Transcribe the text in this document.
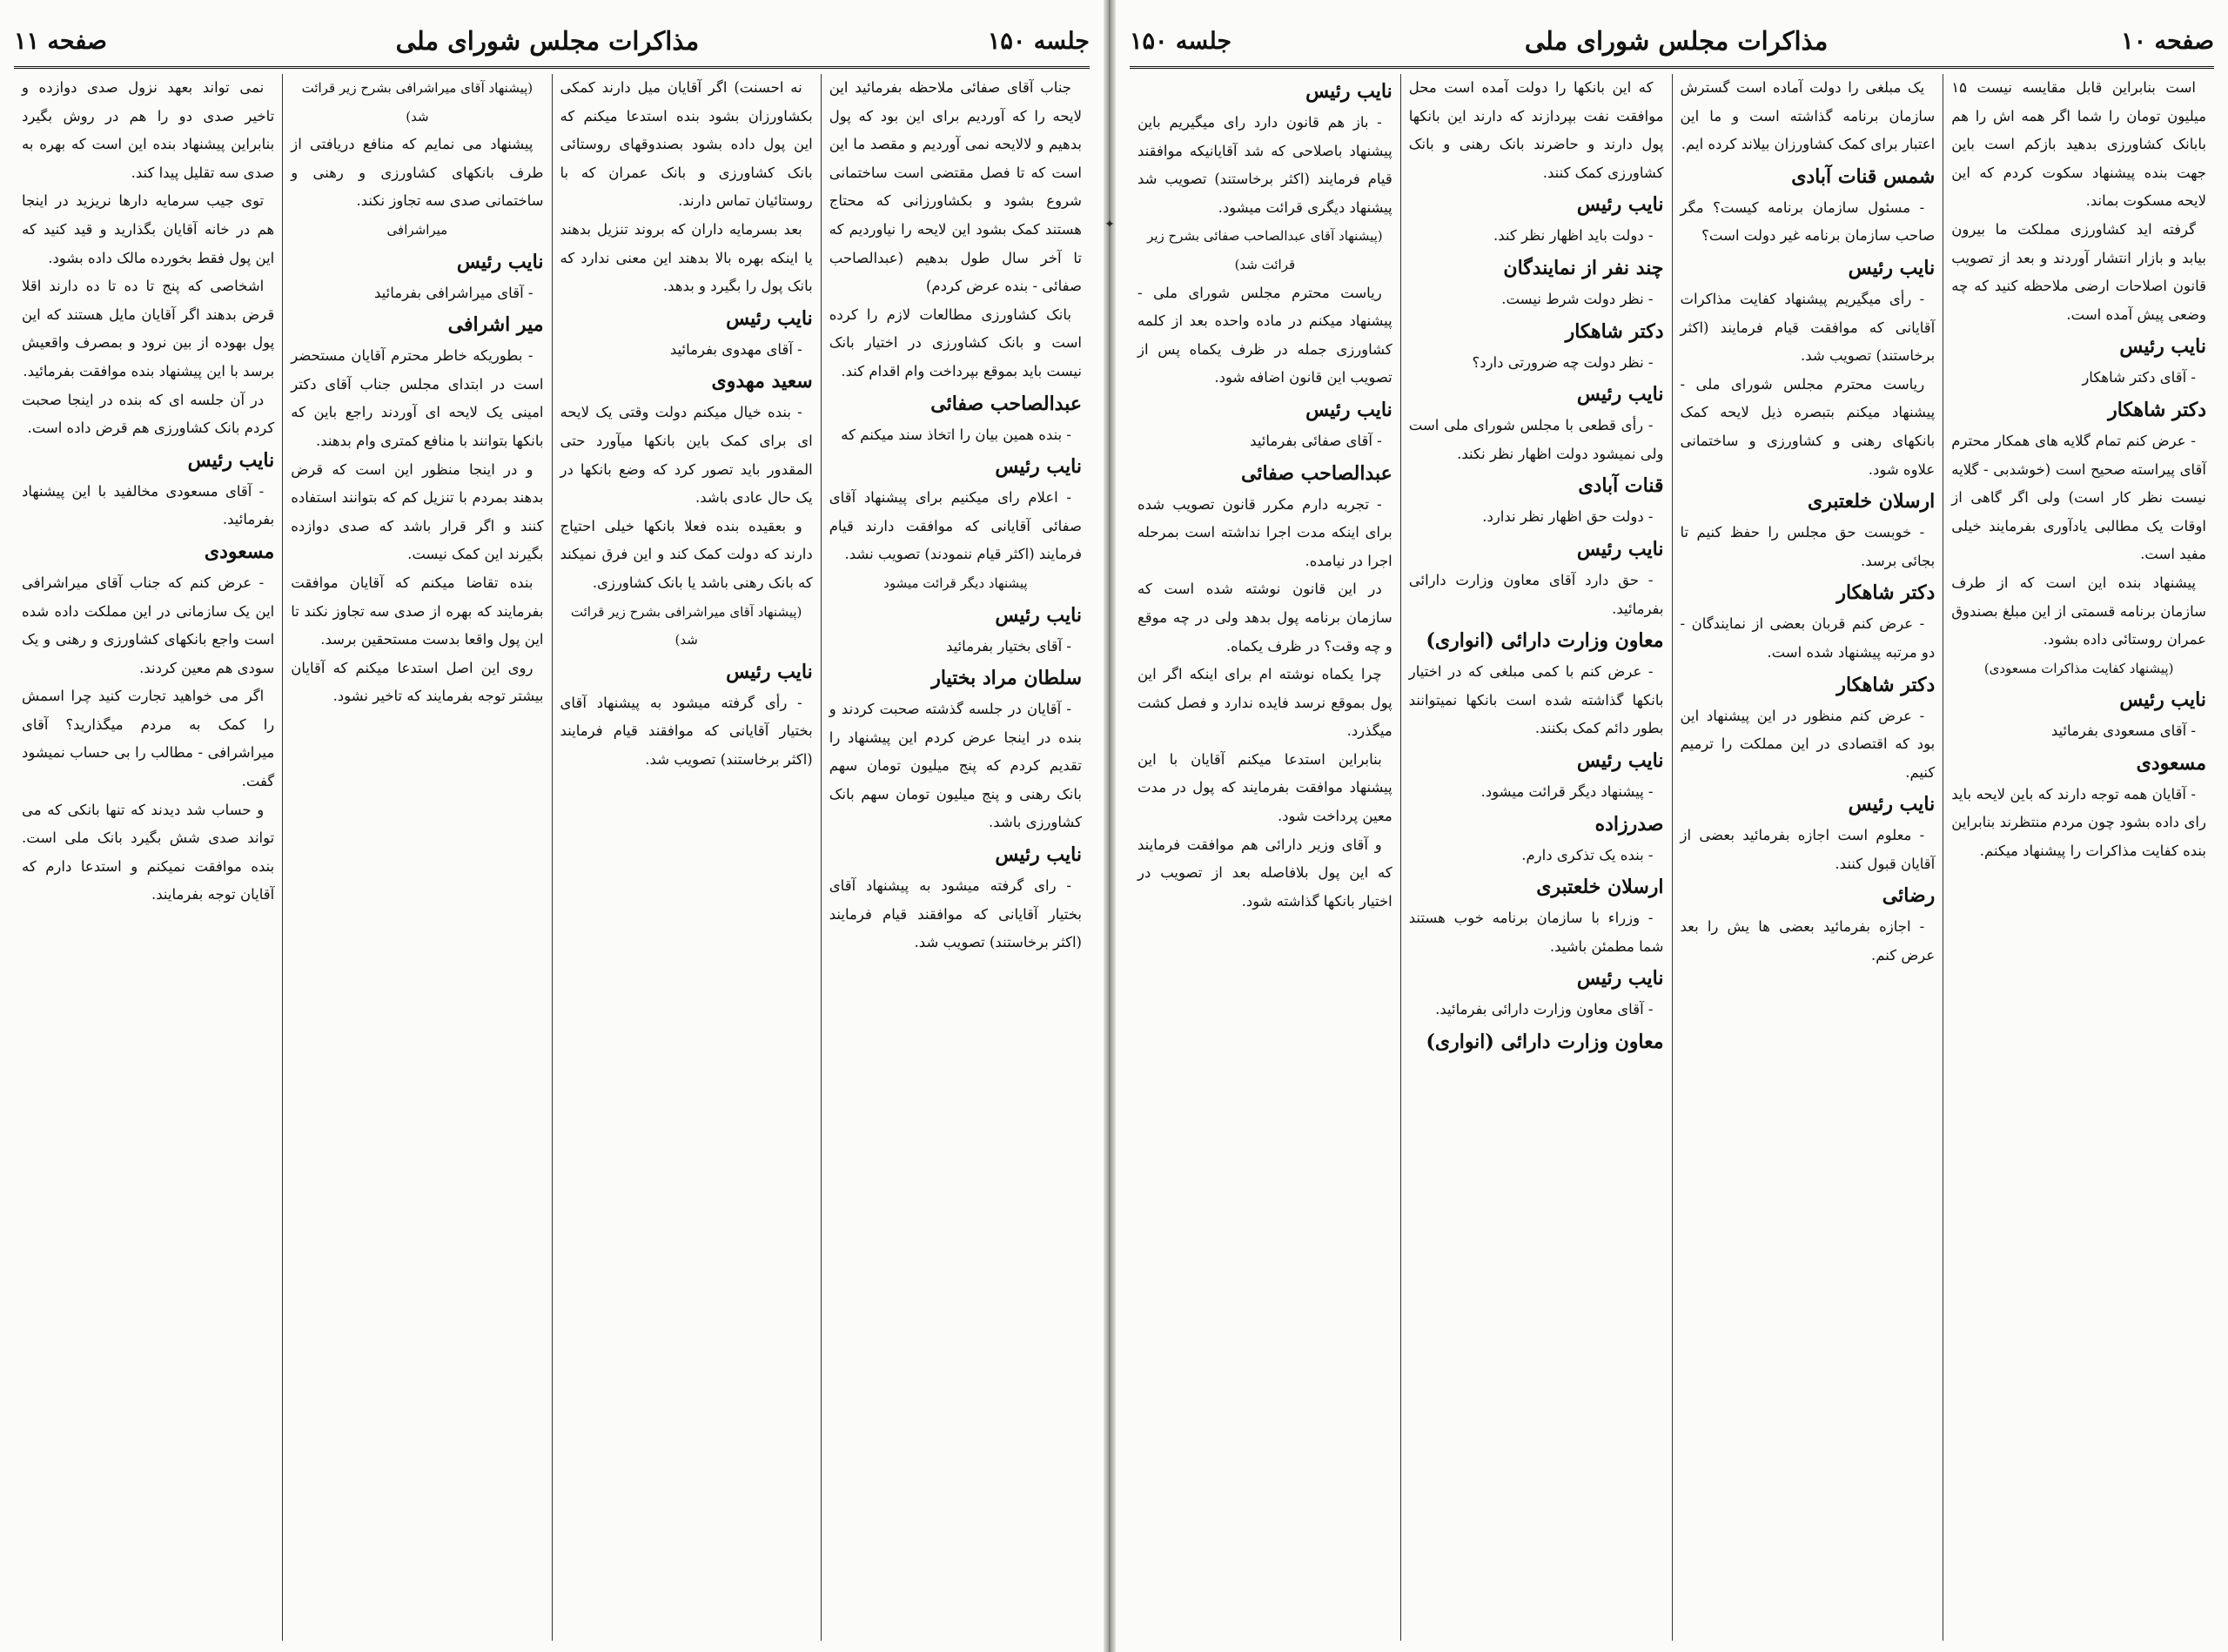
جلسه ۱۵۰
مذاکرات مجلس شورای ملی
صفحه ۱۱

جناب آقای صفائی ملاحظه بفرمائید این لایحه را که آوردیم برای این بود که پول بدهیم و لالایحه نمی آوردیم و مقصد ما این است که تا فصل مقتضی است ساختمانی شروع بشود و بکشاورزانی که محتاج هستند کمک بشود این لایحه را نیاوردیم که تا آخر سال طول بدهیم (عبدالصاحب صفائی - بنده عرض کردم)

بانک کشاورزی مطالعات لازم را کرده است و بانک کشاورزی در اختیار بانک نیست باید بموقع بپرداخت وام اقدام کند.

عبدالصاحب صفائی

- بنده همین بیان را اتخاذ سند میکنم که

نایب رئیس

- اعلام رای میکنیم برای پیشنهاد آقای صفائی آقایانی که موافقت دارند قیام فرمایند (اکثر قیام ننمودند) تصویب نشد.

پیشنهاد دیگر قرائت میشود

نایب رئیس

- آقای بختیار بفرمائید

سلطان مراد بختیار

- آقایان در جلسه گذشته صحبت کردند و بنده در اینجا عرض کردم این پیشنهاد را تقدیم کردم که پنج میلیون تومان سهم بانک رهنی و پنج میلیون تومان سهم بانک کشاورزی باشد.

نایب رئیس

- رای گرفته میشود به پیشنهاد آقای بختیار آقایانی که موافقند قیام فرمایند (اکثر برخاستند) تصویب شد.

نه احسنت) اگر آقایان میل دارند کمکی بکشاورزان بشود بنده استدعا میکنم که این پول داده بشود بصندوقهای روستائی بانک کشاورزی و بانک عمران که با روستائیان تماس دارند.

بعد بسرمایه داران که بروند تنزیل بدهند یا اینکه بهره بالا بدهند این معنی ندارد که بانک پول را بگیرد و بدهد.

نایب رئیس

- آقای مهدوی بفرمائید

سعید مهدوی

- بنده خیال میکنم دولت وقتی یک لایحه ای برای کمک باین بانکها میآورد حتی المقدور باید تصور کرد که وضع بانکها در یک حال عادی باشد.

و بعقیده بنده فعلا بانکها خیلی احتیاج دارند که دولت کمک کند و این فرق نمیکند که بانک رهنی باشد یا بانک کشاورزی.

(پیشنهاد آقای میراشرافی بشرح زیر قرائت شد)

نایب رئیس

- رأی گرفته میشود به پیشنهاد آقای بختیار آقایانی که موافقند قیام فرمایند (اکثر برخاستند) تصویب شد.

(پیشنهاد آقای میراشرافی بشرح زیر قرائت شد)

پیشنهاد می نمایم که منافع دریافتی از طرف بانکهای کشاورزی و رهنی و ساختمانی صدی سه تجاوز نکند.

میراشرافی

نایب رئیس

- آقای میراشرافی بفرمائید

میر اشرافی

- بطوریکه خاطر محترم آقایان مستحضر است در ابتدای مجلس جناب آقای دکتر امینی یک لایحه ای آوردند راجع باین که بانکها بتوانند با منافع کمتری وام بدهند.

و در اینجا منظور این است که قرض بدهند بمردم با تنزیل کم که بتوانند استفاده کنند و اگر قرار باشد که صدی دوازده بگیرند این کمک نیست.

بنده تقاضا میکنم که آقایان موافقت بفرمایند که بهره از صدی سه تجاوز نکند تا این پول واقعا بدست مستحقین برسد.

روی این اصل استدعا میکنم که آقایان بیشتر توجه بفرمایند که تاخیر نشود.

نمی تواند بعهد نزول صدی دوازده و تاخیر صدی دو را هم در روش بگیرد بنابراین پیشنهاد بنده این است که بهره به صدی سه تقلیل پیدا کند.

توی جیب سرمایه دارها نریزید در اینجا هم در خانه آقایان بگذارید و قید کنید که این پول فقط بخورده مالک داده بشود.

اشخاصی که پنج تا ده تا ده دارند اقلا قرض بدهند اگر آقایان مایل هستند که این پول بهوده از بین نرود و بمصرف واقعیش برسد با این پیشنهاد بنده موافقت بفرمائید.

در آن جلسه ای که بنده در اینجا صحبت کردم بانک کشاورزی هم قرض داده است.

نایب رئیس

- آقای مسعودی مخالفید با این پیشنهاد بفرمائید.

مسعودی

- عرض کنم که جناب آقای میراشرافی این یک سازمانی در این مملکت داده شده است واجع بانکهای کشاورزی و رهنی و یک سودی هم معین کردند.

اگر می خواهید تجارت کنید چرا اسمش را کمک به مردم میگذارید؟ آقای میراشرافی - مطالب را بی حساب نمیشود گفت.

و حساب شد دیدند که تنها بانکی که می تواند صدی شش بگیرد بانک ملی است. بنده موافقت نمیکنم و استدعا دارم که آقایان توجه بفرمایند.

✦
صفحه ۱۰
مذاکرات مجلس شورای ملی
جلسه ۱۵۰

است بنابراین قابل مقایسه نیست ۱۵ میلیون تومان را شما اگر همه اش را هم بابانک کشاورزی بدهید بازکم است باین جهت بنده پیشنهاد سکوت کردم که این لایحه مسکوت بماند.

گرفته اید کشاورزی مملکت ما بیرون بیابد و بازار انتشار آوردند و بعد از تصویب قانون اصلاحات ارضی ملاحظه کنید که چه وضعی پیش آمده است.

نایب رئیس

- آقای دکتر شاهکار

دکتر شاهکار

- عرض کنم تمام گلایه های همکار محترم آقای پیراسته صحیح است (خوشدبی - گلایه نیست نظر کار است) ولی اگر گاهی از اوقات یک مطالبی یادآوری بفرمایند خیلی مفید است.

پیشنهاد بنده این است که از طرف سازمان برنامه قسمتی از این مبلغ بصندوق عمران روستائی داده بشود.

(پیشنهاد کفایت مذاکرات مسعودی)

نایب رئیس

- آقای مسعودی بفرمائید

مسعودی

- آقایان همه توجه دارند که باین لایحه باید رای داده بشود چون مردم منتظرند بنابراین بنده کفایت مذاکرات را پیشنهاد میکنم.

یک مبلغی را دولت آماده است گسترش سازمان برنامه گذاشته است و ما این اعتبار برای کمک کشاورزان بیلاند کرده ایم.

شمس قنات آبادی

- مسئول سازمان برنامه کیست؟ مگر صاحب سازمان برنامه غیر دولت است؟

نایب رئیس

- رأی میگیریم پیشنهاد کفایت مذاکرات آقایانی که موافقت قیام فرمایند (اکثر برخاستند) تصویب شد.

ریاست محترم مجلس شورای ملی - پیشنهاد میکنم بتبصره ذیل لایحه کمک بانکهای رهنی و کشاورزی و ساختمانی علاوه شود.

ارسلان خلعتبری

- خوبست حق مجلس را حفظ کنیم تا بجائی برسد.

دکتر شاهکار

- عرض کنم قربان بعضی از نمایندگان - دو مرتبه پیشنهاد شده است.

دکتر شاهکار

- عرض کنم منظور در این پیشنهاد این بود که اقتصادی در این مملکت را ترمیم کنیم.

نایب رئیس

- معلوم است اجازه بفرمائید بعضی از آقایان قبول کنند.

رضائی

- اجازه بفرمائید بعضی ها یش را بعد عرض کنم.

که این بانکها را دولت آمده است محل موافقت نفت بپردازند که دارند این بانکها پول دارند و حاضرند بانک رهنی و بانک کشاورزی کمک کنند.

نایب رئیس

- دولت باید اظهار نظر کند.

چند نفر از نمایندگان

- نظر دولت شرط نیست.

دکتر شاهکار

- نظر دولت چه ضرورتی دارد؟

نایب رئیس

- رأی قطعی با مجلس شورای ملی است ولی نمیشود دولت اظهار نظر نکند.

قنات آبادی

- دولت حق اظهار نظر ندارد.

نایب رئیس

- حق دارد آقای معاون وزارت دارائی بفرمائید.

معاون وزارت دارائی (انواری)

- عرض کنم با کمی مبلغی که در اختیار بانکها گذاشته شده است بانکها نمیتوانند بطور دائم کمک بکنند.

نایب رئیس

- پیشنهاد دیگر قرائت میشود.

صدرزاده

- بنده یک تذکری دارم.

ارسلان خلعتبری

- وزراء با سازمان برنامه خوب هستند شما مطمئن باشید.

نایب رئیس

- آقای معاون وزارت دارائی بفرمائید.

معاون وزارت دارائی (انواری)

نایب رئیس

- باز هم قانون دارد رای میگیریم باین پیشنهاد باصلاحی که شد آقایانیکه موافقند قیام فرمایند (اکثر برخاستند) تصویب شد پیشنهاد دیگری قرائت میشود.

(پیشنهاد آقای عبدالصاحب صفائی بشرح زیر قرائت شد)

ریاست محترم مجلس شورای ملی - پیشنهاد میکنم در ماده واحده بعد از کلمه کشاورزی جمله در ظرف یکماه پس از تصویب این قانون اضافه شود.

نایب رئیس

- آقای صفائی بفرمائید

عبدالصاحب صفائی

- تجربه دارم مکرر قانون تصویب شده برای اینکه مدت اجرا نداشته است بمرحله اجرا در نیامده.

در این قانون نوشته شده است که سازمان برنامه پول بدهد ولی در چه موقع و چه وقت؟ در ظرف یکماه.

چرا یکماه نوشته ام برای اینکه اگر این پول بموقع نرسد فایده ندارد و فصل کشت میگذرد.

بنابراین استدعا میکنم آقایان با این پیشنهاد موافقت بفرمایند که پول در مدت معین پرداخت شود.

و آقای وزیر دارائی هم موافقت فرمایند که این پول بلافاصله بعد از تصویب در اختیار بانکها گذاشته شود.
